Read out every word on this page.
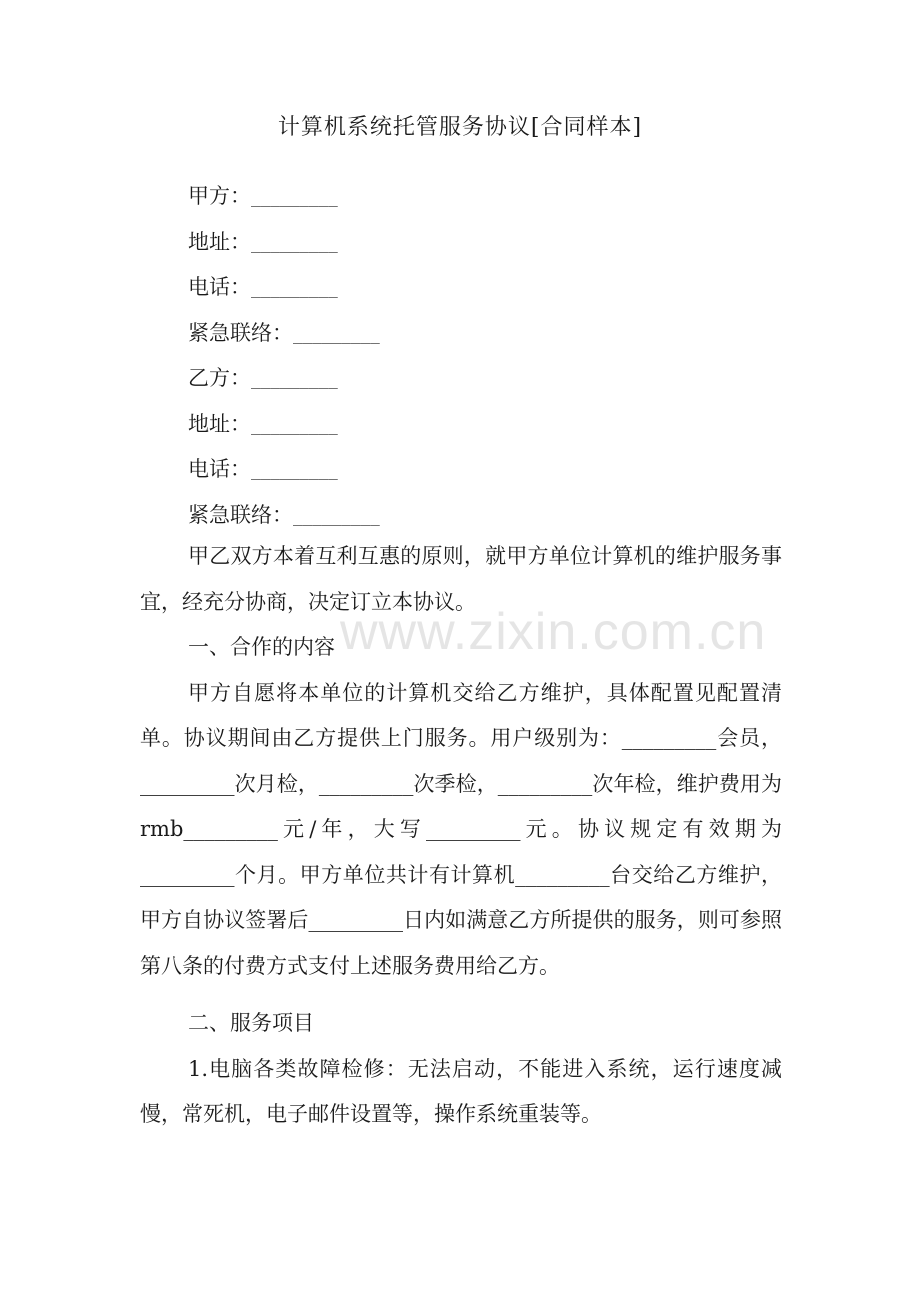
计算机系统托管服务协议[合同样本]
甲方：_________
地址：_________
电话：_________
紧急联络：_________
乙方：_________
地址：_________
电话：_________
紧急联络：_________

甲乙双方本着互利互惠的原则，就甲方单位计算机的维护服务事宜，经充分协商，决定订立本协议。

一、合作的内容

甲方自愿将本单位的计算机交给乙方维护，具体配置见配置清单。协议期间由乙方提供上门服务。用户级别为：_________会员，_________次月检，_________次季检，_________次年检，维护费用为rmb_________元/年，大写_________元。协议规定有效期为_________个月。甲方单位共计有计算机_________台交给乙方维护，甲方自协议签署后_________日内如满意乙方所提供的服务，则可参照第八条的付费方式支付上述服务费用给乙方。

二、服务项目

1.电脑各类故障检修：无法启动，不能进入系统，运行速度减慢，常死机，电子邮件设置等，操作系统重装等。

www.zixin.com.cn
